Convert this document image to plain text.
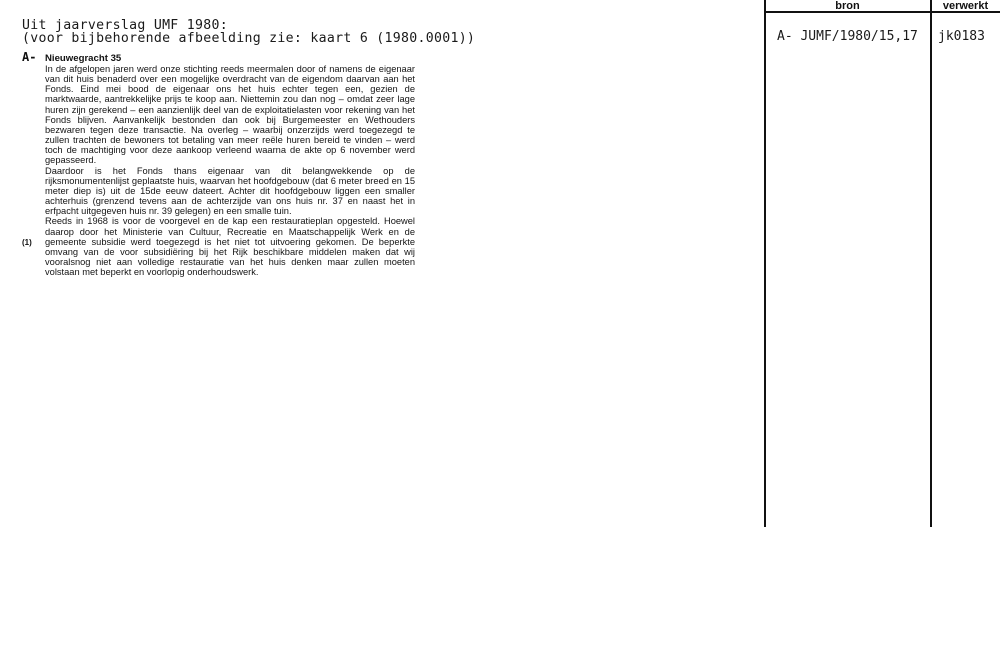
bron	verwerkt
Uit jaarverslag UMF 1980:
(voor bijbehorende afbeelding zie: kaart 6 (1980.0001))
A- Nieuwegracht 35

In de afgelopen jaren werd onze stichting reeds meermalen door of namens de eigenaar van dit huis benaderd over een mogelijke overdracht van de eigendom daarvan aan het Fonds. Eind mei bood de eigenaar ons het huis echter tegen een, gezien de marktwaarde, aantrekkelijke prijs te koop aan. Niettemin zou dan nog – omdat zeer lage huren zijn gerekend – een aanzienlijk deel van de exploitatielasten voor rekening van het Fonds blijven. Aanvankelijk bestonden dan ook bij Burgemeester en Wethouders bezwaren tegen deze transactie. Na overleg – waarbij onzerzijds werd toegezegd te zullen trachten de bewoners tot betaling van meer reële huren bereid te vinden – werd toch de machtiging voor deze aankoop verleend waarna de akte op 6 november werd gepasseerd.

Daardoor is het Fonds thans eigenaar van dit belangwekkende op de rijksmonumentenlijst geplaatste huis, waarvan het hoofdgebouw (dat 6 meter breed en 15 meter diep is) uit de 15de eeuw dateert. Achter dit hoofdgebouw liggen een smaller achterhuis (grenzend tevens aan de achterzijde van ons huis nr. 37 en naast het in erfpacht uitgegeven huis nr. 39 gelegen) en een smalle tuin.

Reeds in 1968 is voor de voorgevel en de kap een restauratieplan opgesteld. Hoewel daarop door het Ministerie van Cultuur, Recreatie en Maatschappelijk Werk en de gemeente subsidie werd toegezegd is het niet tot uitvoering gekomen. De beperkte omvang van de voor subsidiëring bij het Rijk beschikbare middelen maken dat wij vooralsnog niet aan volledige restauratie van het huis denken maar zullen moeten volstaan met beperkt en voorlopig onderhoudswerk.

(1)
A- JUMF/1980/15,17 jk0183
